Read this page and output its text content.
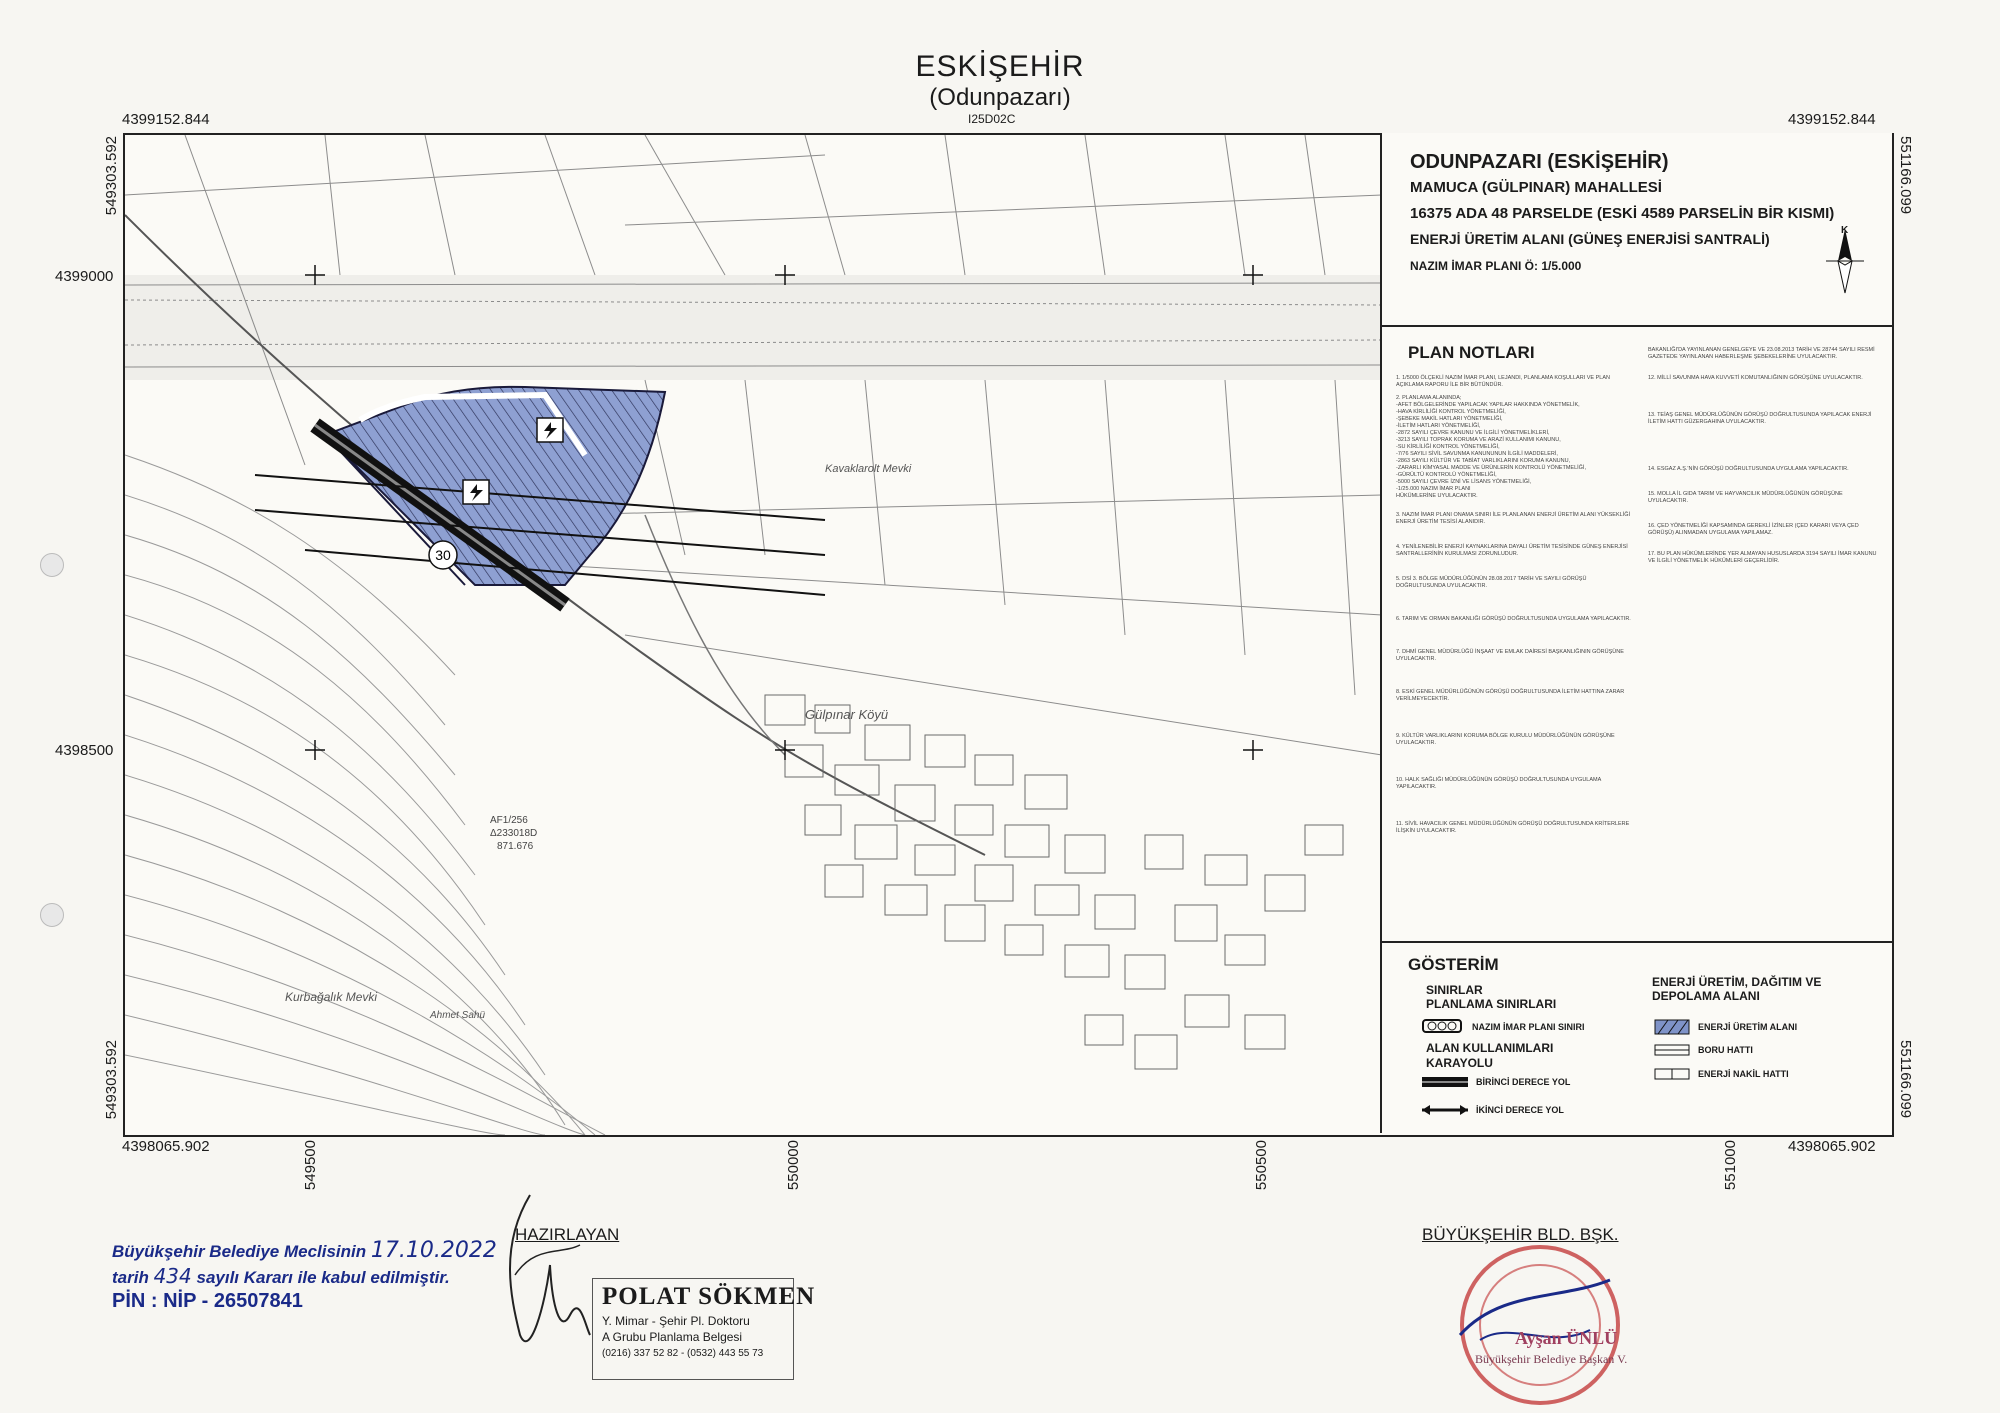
ESKİŞEHİR
(Odunpazarı)
I25D02C
4399152.844	4399152.844
4398065.902	4398065.902
549303.592
549303.592
551166.099
551166.099
4399000
4398500
549500	550000	550500	551000
30
Kavaklarolt Mevki
Gülpınar Köyü
Kurbağalık Mevki
Ahmet Sahü
AF1/256
Δ233018D
871.676
ODUNPAZARI (ESKİŞEHİR)
MAMUCA (GÜLPINAR) MAHALLESİ
16375 ADA 48 PARSELDE (ESKİ 4589 PARSELİN BİR KISMI)
ENERJİ ÜRETİM ALANI (GÜNEŞ ENERJİSİ SANTRALİ)
NAZIM İMAR PLANI Ö: 1/5.000
K
PLAN NOTLARI
1. 1/5000 ÖLÇEKLİ NAZIM İMAR PLANI, LEJANDI, PLANLAMA KOŞULLARI VE PLAN AÇIKLAMA RAPORU İLE BİR BÜTÜNDÜR.
2. PLANLAMA ALANINDA;
-AFET BÖLGELERİNDE YAPILACAK YAPILAR HAKKINDA YÖNETMELİK,
-HAVA KİRLİLİĞİ KONTROL YÖNETMELİĞİ,
-ŞEBEKE MAKİL HATLARI YÖNETMELİĞİ,
-İLETİM HATLARI YÖNETMELİĞİ,
-2872 SAYILI ÇEVRE KANUNU VE İLGİLİ YÖNETMELİKLERİ,
-3213 SAYILI TOPRAK KORUMA VE ARAZİ KULLANIMI KANUNU,
-SU KİRLİLİĞİ KONTROL YÖNETMELİĞİ,
-7/76 SAYILI SİVİL SAVUNMA KANUNUNUN İLGİLİ MADDELERİ,
-2863 SAYILI KÜLTÜR VE TABİAT VARLIKLARINI KORUMA KANUNU,
-ZARARLI KİMYASAL MADDE VE ÜRÜNLERİN KONTROLÜ YÖNETMELİĞİ,
-GÜRÜLTÜ KONTROLÜ YÖNETMELİĞİ,
-5000 SAYILI ÇEVRE İZNİ VE LİSANS YÖNETMELİĞİ,
-1/25.000 NAZIM İMAR PLANI
HÜKÜMLERİNE UYULACAKTIR.
3. NAZIM İMAR PLANI ONAMA SINIRI İLE PLANLANAN ENERJİ ÜRETİM ALANI YÜKSEKLİĞİ ENERJİ ÜRETİM TESİSİ ALANIDIR.
4. YENİLENEBİLİR ENERJİ KAYNAKLARINA DAYALI ÜRETİM TESİSİNDE GÜNEŞ ENERJİSİ SANTRALLERİNİN KURULMASI ZORUNLUDUR.
5. DSİ 3. BÖLGE MÜDÜRLÜĞÜNÜN 28.08.2017 TARİH VE SAYILI GÖRÜŞÜ DOĞRULTUSUNDA UYULACAKTIR.
6. TARIM VE ORMAN BAKANLIĞI GÖRÜŞÜ DOĞRULTUSUNDA UYGULAMA YAPILACAKTIR.
7. DHMİ GENEL MÜDÜRLÜĞÜ İNŞAAT VE EMLAK DAİRESİ BAŞKANLIĞININ GÖRÜŞÜNE UYULACAKTIR.
8. ESKİ GENEL MÜDÜRLÜĞÜNÜN GÖRÜŞÜ DOĞRULTUSUNDA İLETİM HATTINA ZARAR VERİLMEYECEKTİR.
9. KÜLTÜR VARLIKLARINI KORUMA BÖLGE KURULU MÜDÜRLÜĞÜNÜN GÖRÜŞÜNE UYULACAKTIR.
10. HALK SAĞLIĞI MÜDÜRLÜĞÜNÜN GÖRÜŞÜ DOĞRULTUSUNDA UYGULAMA YAPILACAKTIR.
11. SİVİL HAVACILIK GENEL MÜDÜRLÜĞÜNÜN GÖRÜŞÜ DOĞRULTUSUNDA KRİTERLERE İLİŞKİN UYULACAKTIR.
BAKANLIĞI'DA YAYINLANAN GENELGEYE VE 23.08.2013 TARİH VE 28744 SAYILI RESMİ GAZETEDE YAYINLANAN HABERLEŞME ŞEBEKELERİNE UYULACAKTIR.
12. MİLLİ SAVUNMA HAVA KUVVETİ KOMUTANLIĞININ GÖRÜŞÜNE UYULACAKTIR.
13. TEİAŞ GENEL MÜDÜRLÜĞÜNÜN GÖRÜŞÜ DOĞRULTUSUNDA YAPILACAK ENERJİ İLETİM HATTI GÜZERGAHINA UYULACAKTIR.
14. ESGAZ A.Ş.'NİN GÖRÜŞÜ DOĞRULTUSUNDA UYGULAMA YAPILACAKTIR.
15. MOLLA İL GIDA TARIM VE HAYVANCILIK MÜDÜRLÜĞÜNÜN GÖRÜŞÜNE UYULACAKTIR.
16. ÇED YÖNETMELİĞİ KAPSAMINDA GEREKLİ İZİNLER (ÇED KARARI VEYA ÇED GÖRÜŞÜ) ALINMADAN UYGULAMA YAPILAMAZ.
17. BU PLAN HÜKÜMLERİNDE YER ALMAYAN HUSUSLARDA 3194 SAYILI İMAR KANUNU VE İLGİLİ YÖNETMELİK HÜKÜMLERİ GEÇERLİDİR.
GÖSTERİM
SINIRLAR
PLANLAMA SINIRLARI
NAZIM İMAR PLANI SINIRI
ALAN KULLANIMLARI
KARAYOLU
BİRİNCİ DERECE YOL
İKİNCİ DERECE YOL
ENERJİ ÜRETİM, DAĞITIM VE DEPOLAMA ALANI
ENERJİ ÜRETİM ALANI
BORU HATTI
ENERJİ NAKİL HATTI
Büyükşehir Belediye Meclisinin 17.10.2022
tarih 434 sayılı Kararı ile kabul edilmiştir.
PİN : NİP - 26507841
HAZIRLAYAN
POLAT SÖKMEN
Y. Mimar - Şehir Pl. Doktoru
A Grubu Planlama Belgesi
(0216) 337 52 82 - (0532) 443 55 73
BÜYÜKŞEHİR BLD. BŞK.
Ayşan ÜNLÜ
Büyükşehir Belediye Başkan V.
